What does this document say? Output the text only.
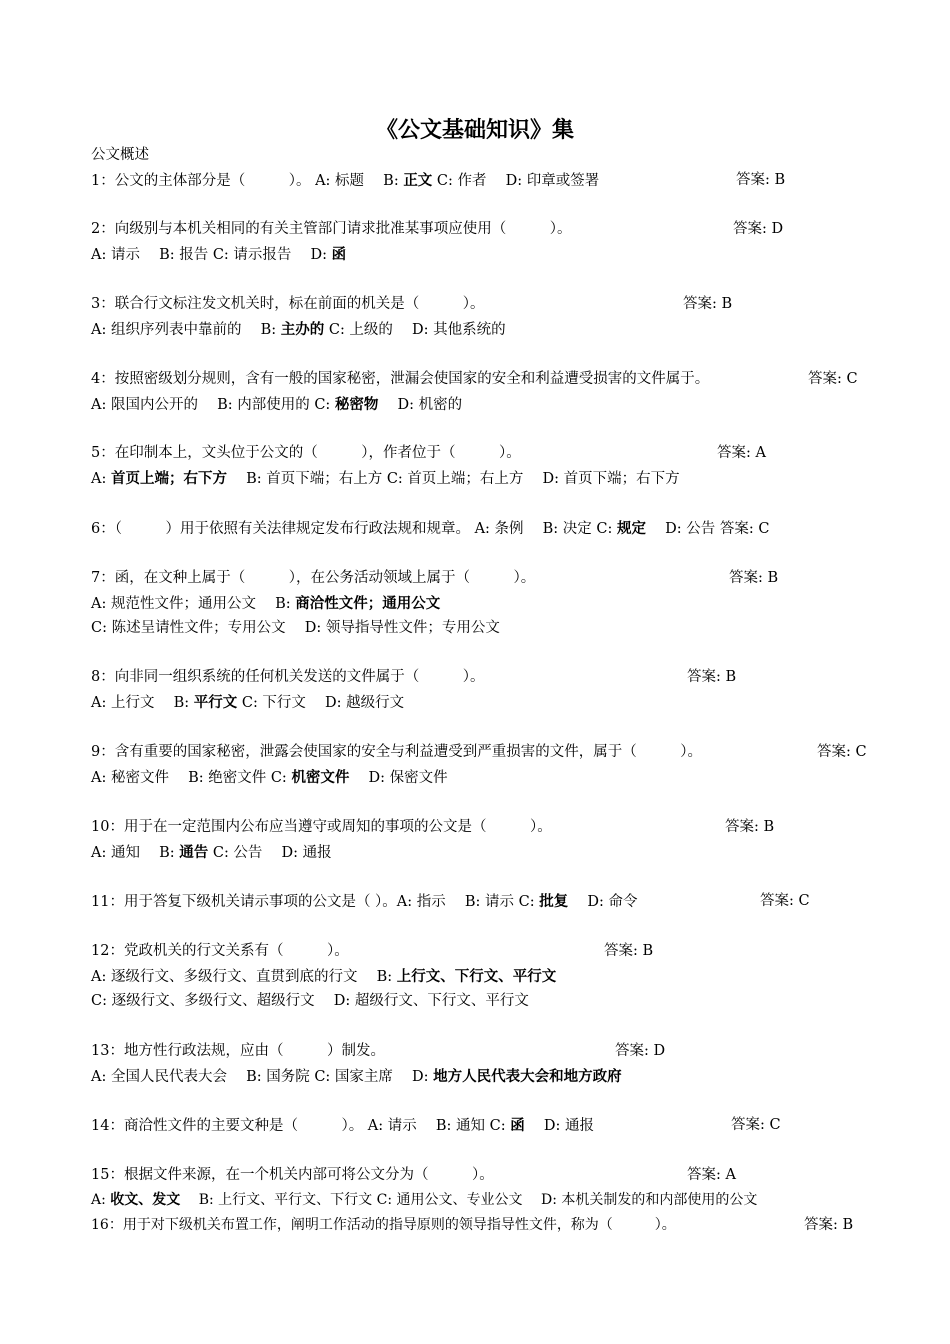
《公文基础知识》集
公文概述
1：公文的主体部分是（　　　）。 A: 标题　 B: 正文 C: 作者　 D: 印章或签署	答案: B
2：向级别与本机关相同的有关主管部门请求批准某事项应使用（　　　）。	答案: D
A: 请示　 B: 报告 C: 请示报告　 D: 函
3：联合行文标注发文机关时，标在前面的机关是（　　　）。	答案: B
A: 组织序列表中靠前的　 B: 主办的 C: 上级的　 D: 其他系统的
4：按照密级划分规则，含有一般的国家秘密，泄漏会使国家的安全和利益遭受损害的文件属于。	答案: C
A: 限国内公开的　 B: 内部使用的 C: 秘密物　 D: 机密的
5：在印制本上，文头位于公文的（　　　），作者位于（　　　）。	答案: A
A: 首页上端；右下方　 B: 首页下端；右上方 C: 首页上端；右上方　 D: 首页下端；右下方
6：（　　　）用于依照有关法律规定发布行政法规和规章。 A: 条例　 B: 决定 C: 规定　 D: 公告 答案: C
7：函，在文种上属于（　　　），在公务活动领域上属于（　　　）。	答案: B
A: 规范性文件；通用公文　 B: 商洽性文件；通用公文
C: 陈述呈请性文件；专用公文　 D: 领导指导性文件；专用公文
8：向非同一组织系统的任何机关发送的文件属于（　　　）。	答案: B
A: 上行文　 B: 平行文 C: 下行文　 D: 越级行文
9：含有重要的国家秘密，泄露会使国家的安全与利益遭受到严重损害的文件，属于（　　　）。	答案: C
A: 秘密文件　 B: 绝密文件 C: 机密文件　 D: 保密文件
10：用于在一定范围内公布应当遵守或周知的事项的公文是（　　　）。	答案: B
A: 通知　 B: 通告 C: 公告　 D: 通报
11：用于答复下级机关请示事项的公文是（ ）。A: 指示　 B: 请示 C: 批复　 D: 命令	答案: C
12：党政机关的行文关系有（　　　）。	答案: B
A: 逐级行文、多级行文、直贯到底的行文　 B: 上行文、下行文、平行文
C: 逐级行文、多级行文、超级行文　 D: 超级行文、下行文、平行文
13：地方性行政法规，应由（　　　）制发。	答案: D
A: 全国人民代表大会　 B: 国务院 C: 国家主席　 D: 地方人民代表大会和地方政府
14：商洽性文件的主要文种是（　　　）。 A: 请示　 B: 通知 C: 函　 D: 通报	答案: C
15：根据文件来源，在一个机关内部可将公文分为（　　　）。	答案: A
A: 收文、发文　 B: 上行文、平行文、下行文 C: 通用公文、专业公文　 D: 本机关制发的和内部使用的公文
16：用于对下级机关布置工作，阐明工作活动的指导原则的领导指导性文件，称为（　　　）。	答案: B
